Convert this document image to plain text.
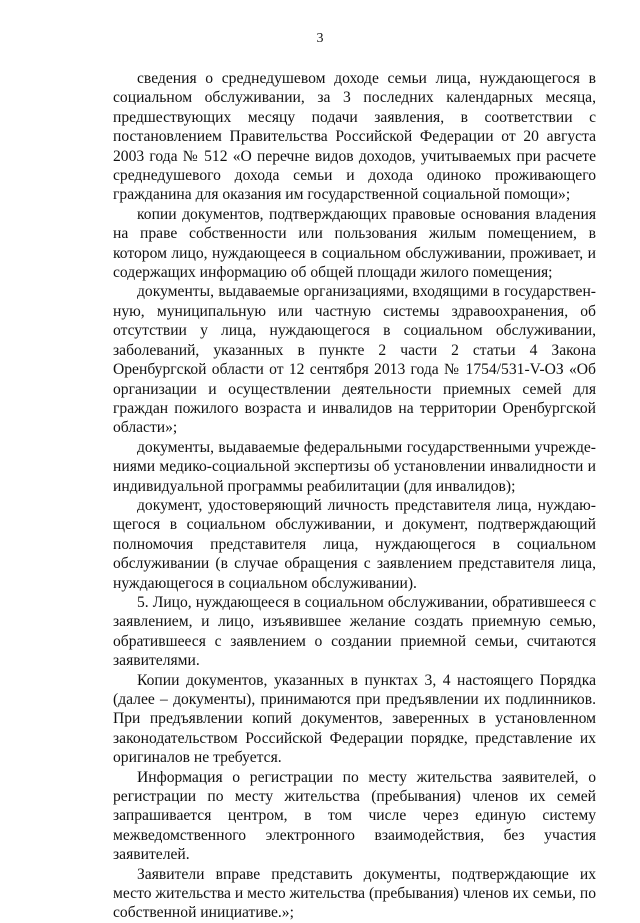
3

сведения о среднедушевом доходе семьи лица, нуждающегося в социальном обслуживании, за 3 последних календарных месяца, предшествующих месяцу подачи заявления, в соответствии с постановлением Правительства Российской Федерации от 20 августа 2003 года № 512 «О перечне видов доходов, учитываемых при расчете среднедушевого дохода семьи и дохода одиноко проживающего гражданина для оказания им государственной социальной помощи»;

копии документов, подтверждающих правовые основания владения на праве собственности или пользования жилым помещением, в котором лицо, нуждающееся в социальном обслуживании, проживает, и содержащих информацию об общей площади жилого помещения;

документы, выдаваемые организациями, входящими в государственную, муниципальную или частную системы здравоохранения, об отсутствии у лица, нуждающегося в социальном обслуживании, заболеваний, указанных в пункте 2 части 2 статьи 4 Закона Оренбургской области от 12 сентября 2013 года № 1754/531-V-ОЗ «Об организации и осуществлении деятельности приемных семей для граждан пожилого возраста и инвалидов на территории Оренбургской области»;

документы, выдаваемые федеральными государственными учреждениями медико-социальной экспертизы об установлении инвалидности и индивидуальной программы реабилитации (для инвалидов);

документ, удостоверяющий личность представителя лица, нуждающегося в социальном обслуживании, и документ, подтверждающий полномочия представителя лица, нуждающегося в социальном обслуживании (в случае обращения с заявлением представителя лица, нуждающегося в социальном обслуживании).

5. Лицо, нуждающееся в социальном обслуживании, обратившееся с заявлением, и лицо, изъявившее желание создать приемную семью, обратившееся с заявлением о создании приемной семьи, считаются заявителями.

Копии документов, указанных в пунктах 3, 4 настоящего Порядка (далее – документы), принимаются при предъявлении их подлинников. При предъявлении копий документов, заверенных в установленном законодательством Российской Федерации порядке, представление их оригиналов не требуется.

Информация о регистрации по месту жительства заявителей, о регистрации по месту жительства (пребывания) членов их семей запрашивается центром, в том числе через единую систему межведомственного электронного взаимодействия, без участия заявителей.

Заявители вправе представить документы, подтверждающие их место жительства и место жительства (пребывания) членов их семьи, по собственной инициативе.»;
